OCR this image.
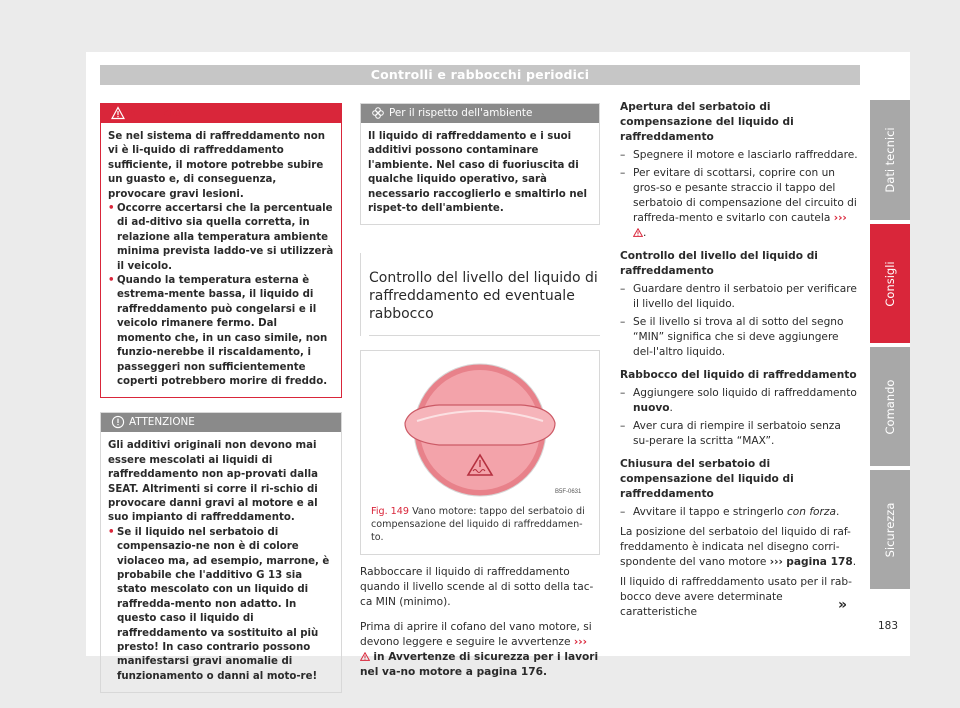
Controlli e rabbocchi periodici
ATTENZIONE

Se nel sistema di raffreddamento non vi è li-quido di raffreddamento sufficiente, il motore potrebbe subire un guasto e, di conseguenza, provocare gravi lesioni.

• Occorre accertarsi che la percentuale di ad-ditivo sia quella corretta, in relazione alla temperatura ambiente minima prevista laddo-ve si utilizzerà il veicolo.

• Quando la temperatura esterna è estrema-mente bassa, il liquido di raffreddamento può congelarsi e il veicolo rimanere fermo. Dal momento che, in un caso simile, non funzio-nerebbe il riscaldamento, i passeggeri non sufficientemente coperti potrebbero morire di freddo.

ATTENZIONE

Gli additivi originali non devono mai essere mescolati ai liquidi di raffreddamento non ap-provati dalla SEAT. Altrimenti si corre il ri-schio di provocare danni gravi al motore e al suo impianto di raffreddamento.

• Se il liquido nel serbatoio di compensazio-ne non è di colore violaceo ma, ad esempio, marrone, è probabile che l'additivo G 13 sia stato mescolato con un liquido di raffredda-mento non adatto. In questo caso il liquido di raffreddamento va sostituito al più presto! In caso contrario possono manifestarsi gravi anomalie di funzionamento o danni al moto-re!

Per il rispetto dell'ambiente

Il liquido di raffreddamento e i suoi additivi possono contaminare l'ambiente. Nel caso di fuoriuscita di qualche liquido operativo, sarà necessario raccoglierlo e smaltirlo nel rispet-to dell'ambiente.

Controllo del livello del liquido di raffreddamento ed eventuale rabbocco
B5F-0631
Fig. 149 Vano motore: tappo del serbatoio di compensazione del liquido di raffreddamen-to.

Rabboccare il liquido di raffreddamento quando il livello scende al di sotto della tac-ca MIN (minimo).

Prima di aprire il cofano del vano motore, si devono leggere e seguire le avvertenze ›››  in Avvertenze di sicurezza per i lavori nel va-no motore a pagina 176.

Apertura del serbatoio di compensazione del liquido di raffreddamento
– Spegnere il motore e lasciarlo raffreddare.
– Per evitare di scottarsi, coprire con un gros-so e pesante straccio il tappo del serbatoio di compensazione del circuito di raffreda-mento e svitarlo con cautela ››› .
Controllo del livello del liquido di raffreddamento
– Guardare dentro il serbatoio per verificare il livello del liquido.
– Se il livello si trova al di sotto del segno “MIN” significa che si deve aggiungere del-l'altro liquido.
Rabbocco del liquido di raffreddamento
– Aggiungere solo liquido di raffreddamento nuovo.
– Aver cura di riempire il serbatoio senza su-perare la scritta “MAX”.
Chiusura del serbatoio di compensazione del liquido di raffreddamento
– Avvitare il tappo e stringerlo con forza.

La posizione del serbatoio del liquido di raf-freddamento è indicata nel disegno corri-spondente del vano motore ››› pagina 178.

Il liquido di raffreddamento usato per il rab-bocco deve avere determinate caratteristiche	»
Dati tecnici
Consigli
Comando
Sicurezza
183
